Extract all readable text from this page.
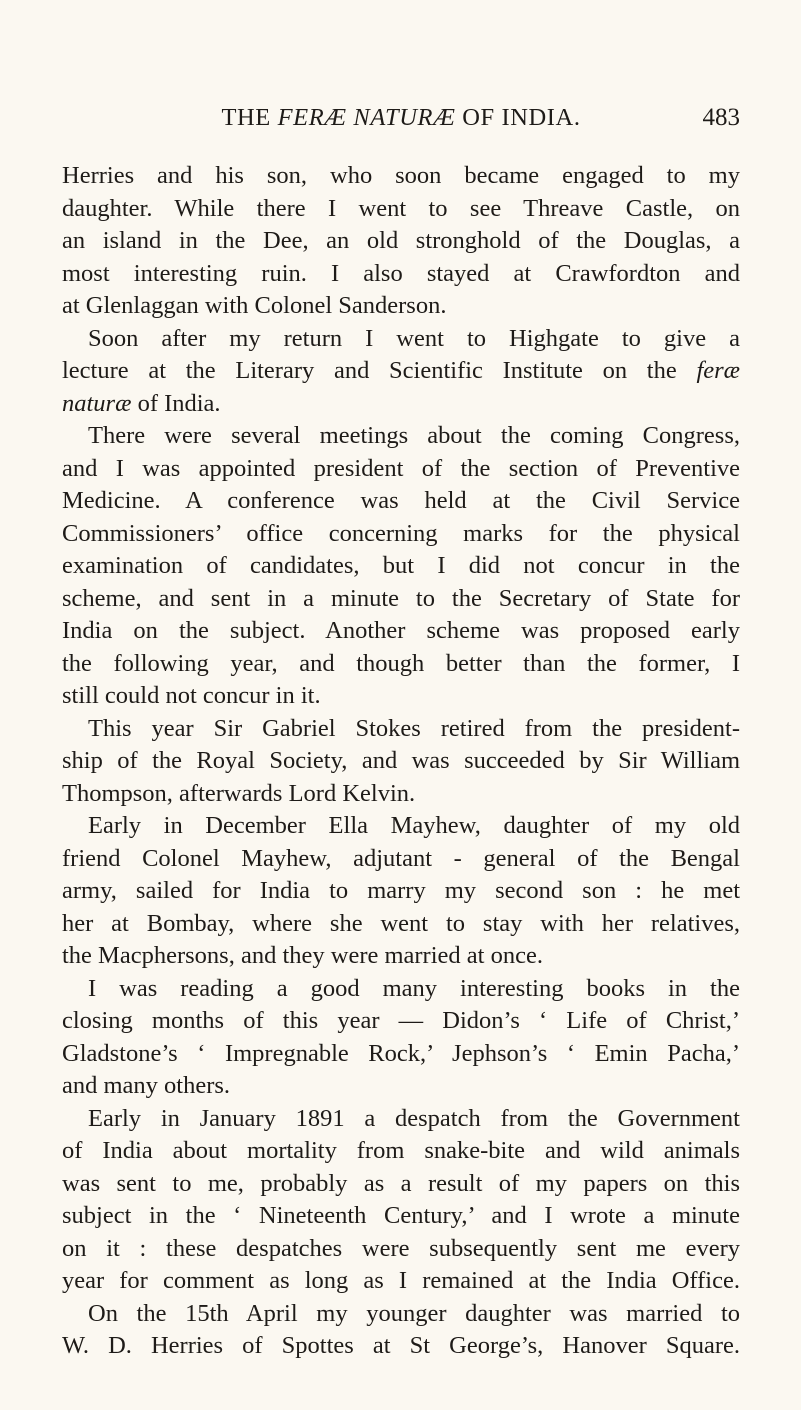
THE FERÆ NATURÆ OF INDIA.	483
Herries and his son, who soon became engaged to my
daughter. While there I went to see Threave Castle, on
an island in the Dee, an old stronghold of the Douglas, a
most interesting ruin. I also stayed at Crawfordton and
at Glenlaggan with Colonel Sanderson.
Soon after my return I went to Highgate to give a
lecture at the Literary and Scientific Institute on the feræ
naturæ of India.
There were several meetings about the coming Congress,
and I was appointed president of the section of Preventive
Medicine. A conference was held at the Civil Service
Commissioners’ office concerning marks for the physical
examination of candidates, but I did not concur in the
scheme, and sent in a minute to the Secretary of State for
India on the subject. Another scheme was proposed early
the following year, and though better than the former, I
still could not concur in it.
This year Sir Gabriel Stokes retired from the president-
ship of the Royal Society, and was succeeded by Sir William
Thompson, afterwards Lord Kelvin.
Early in December Ella Mayhew, daughter of my old
friend Colonel Mayhew, adjutant - general of the Bengal
army, sailed for India to marry my second son : he met
her at Bombay, where she went to stay with her relatives,
the Macphersons, and they were married at once.
I was reading a good many interesting books in the
closing months of this year — Didon’s ‘ Life of Christ,’
Gladstone’s ‘ Impregnable Rock,’ Jephson’s ‘ Emin Pacha,’
and many others.
Early in January 1891 a despatch from the Government
of India about mortality from snake-bite and wild animals
was sent to me, probably as a result of my papers on this
subject in the ‘ Nineteenth Century,’ and I wrote a minute
on it : these despatches were subsequently sent me every
year for comment as long as I remained at the India Office.
On the 15th April my younger daughter was married to
W. D. Herries of Spottes at St George’s, Hanover Square.
